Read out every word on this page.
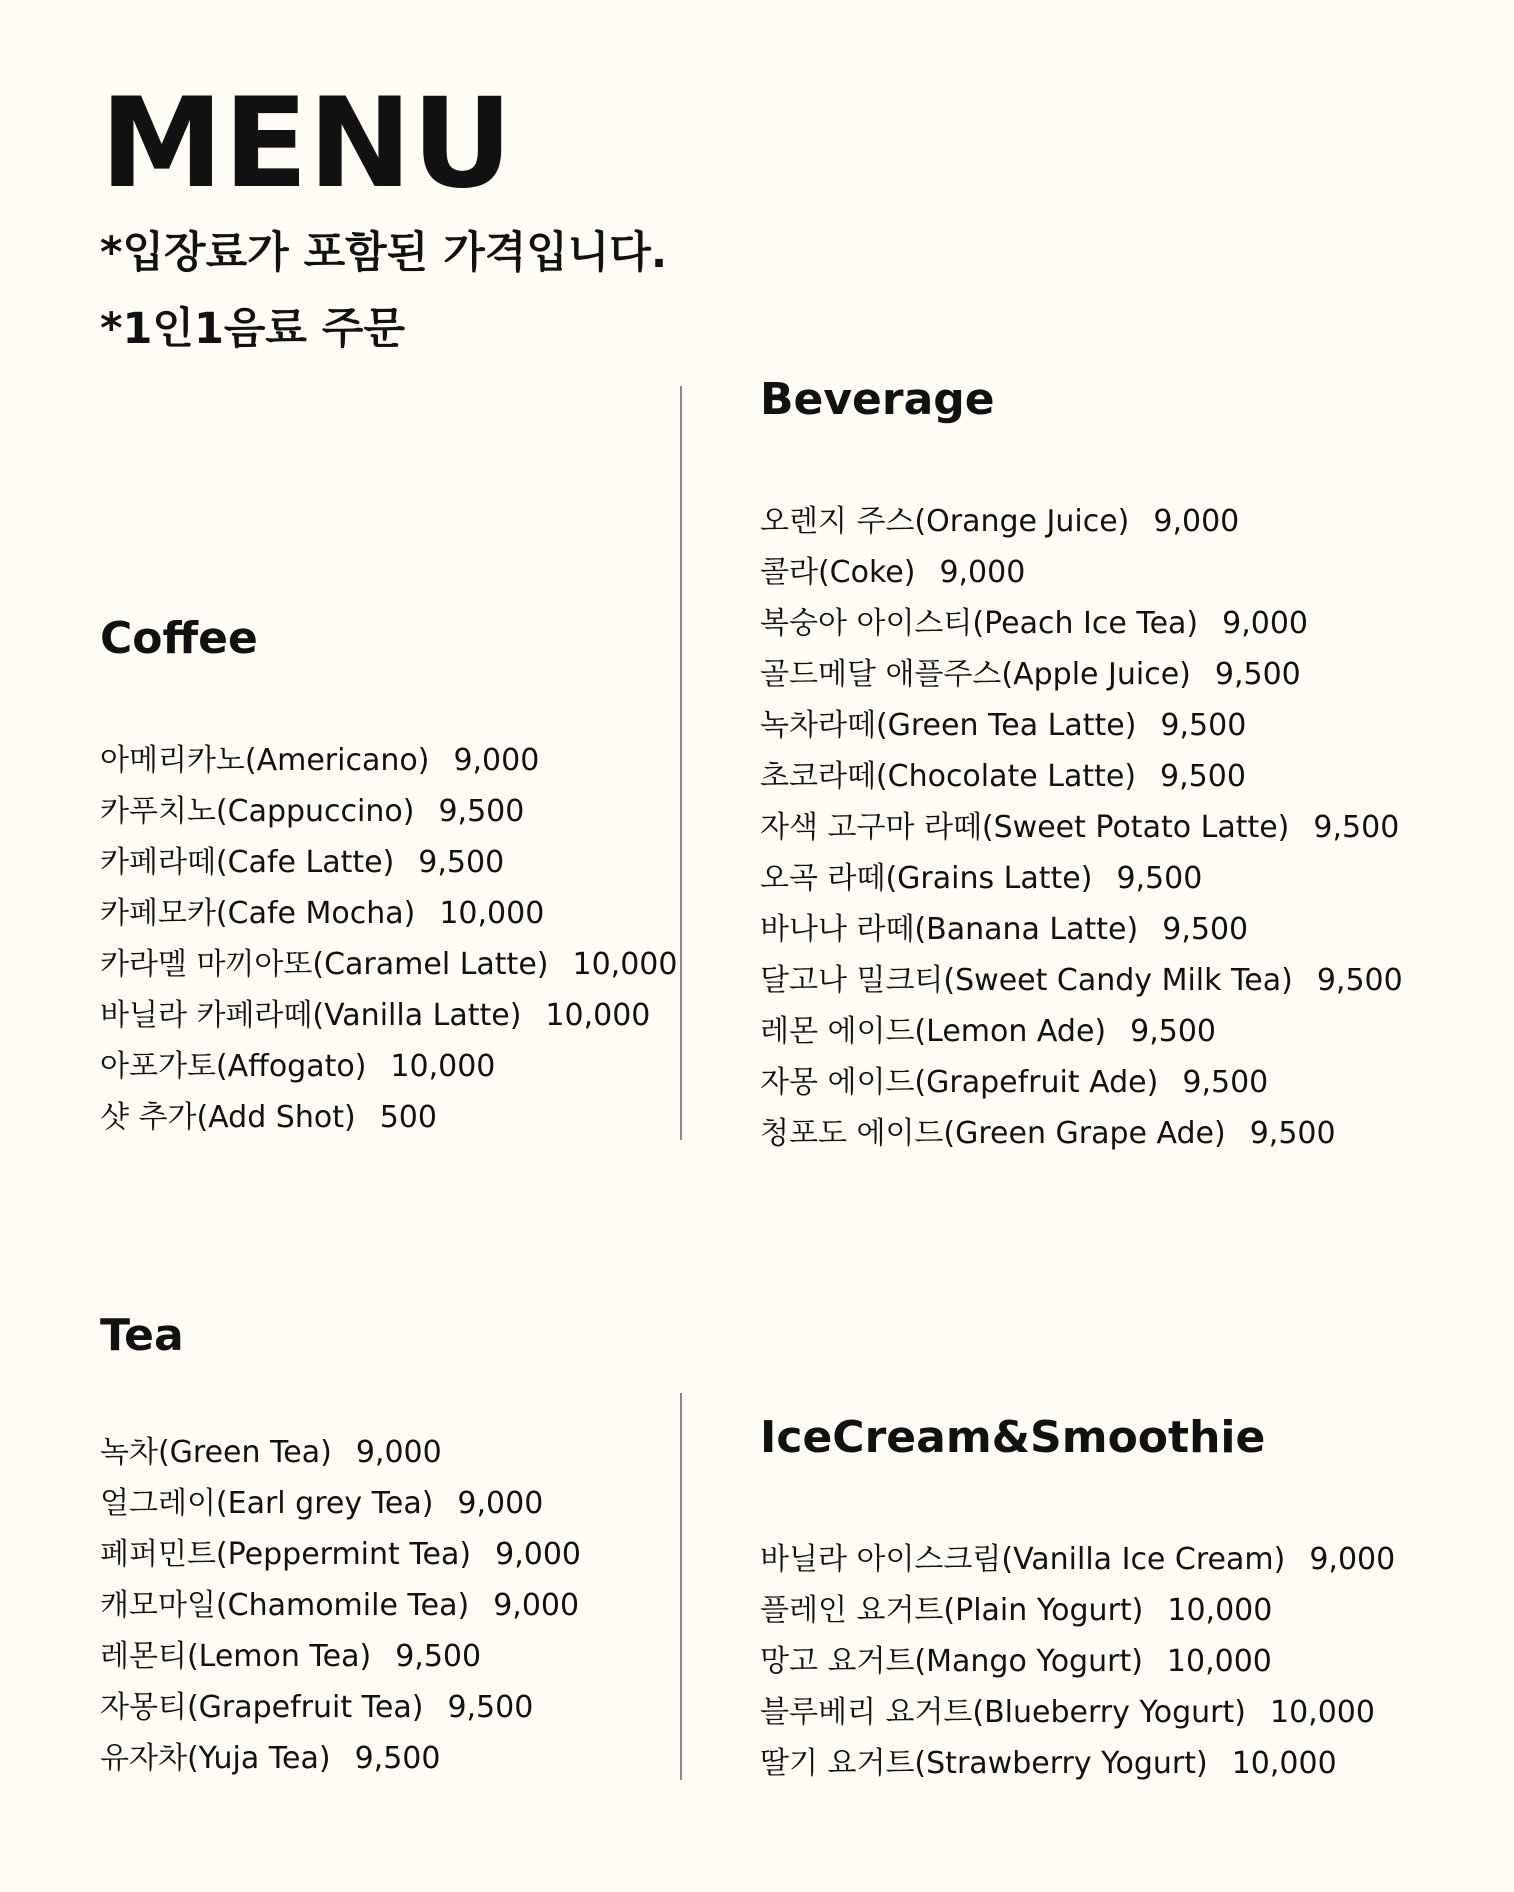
MENU
*입장료가 포함된 가격입니다.
*1인1음료 주문
Coffee
아메리카노(Americano) 9,000
카푸치노(Cappuccino) 9,500
카페라떼(Cafe Latte) 9,500
카페모카(Cafe Mocha) 10,000
카라멜 마끼아또(Caramel Latte) 10,000
바닐라 카페라떼(Vanilla Latte) 10,000
아포가토(Affogato) 10,000
샷 추가(Add Shot) 500
Beverage
오렌지 주스(Orange Juice) 9,000
콜라(Coke) 9,000
복숭아 아이스티(Peach Ice Tea) 9,000
골드메달 애플주스(Apple Juice) 9,500
녹차라떼(Green Tea Latte) 9,500
초코라떼(Chocolate Latte) 9,500
자색 고구마 라떼(Sweet Potato Latte) 9,500
오곡 라떼(Grains Latte) 9,500
바나나 라떼(Banana Latte) 9,500
달고나 밀크티(Sweet Candy Milk Tea) 9,500
레몬 에이드(Lemon Ade) 9,500
자몽 에이드(Grapefruit Ade) 9,500
청포도 에이드(Green Grape Ade) 9,500
Tea
녹차(Green Tea) 9,000
얼그레이(Earl grey Tea) 9,000
페퍼민트(Peppermint Tea) 9,000
캐모마일(Chamomile Tea) 9,000
레몬티(Lemon Tea) 9,500
자몽티(Grapefruit Tea) 9,500
유자차(Yuja Tea) 9,500
IceCream&Smoothie
바닐라 아이스크림(Vanilla Ice Cream) 9,000
플레인 요거트(Plain Yogurt) 10,000
망고 요거트(Mango Yogurt) 10,000
블루베리 요거트(Blueberry Yogurt) 10,000
딸기 요거트(Strawberry Yogurt) 10,000
